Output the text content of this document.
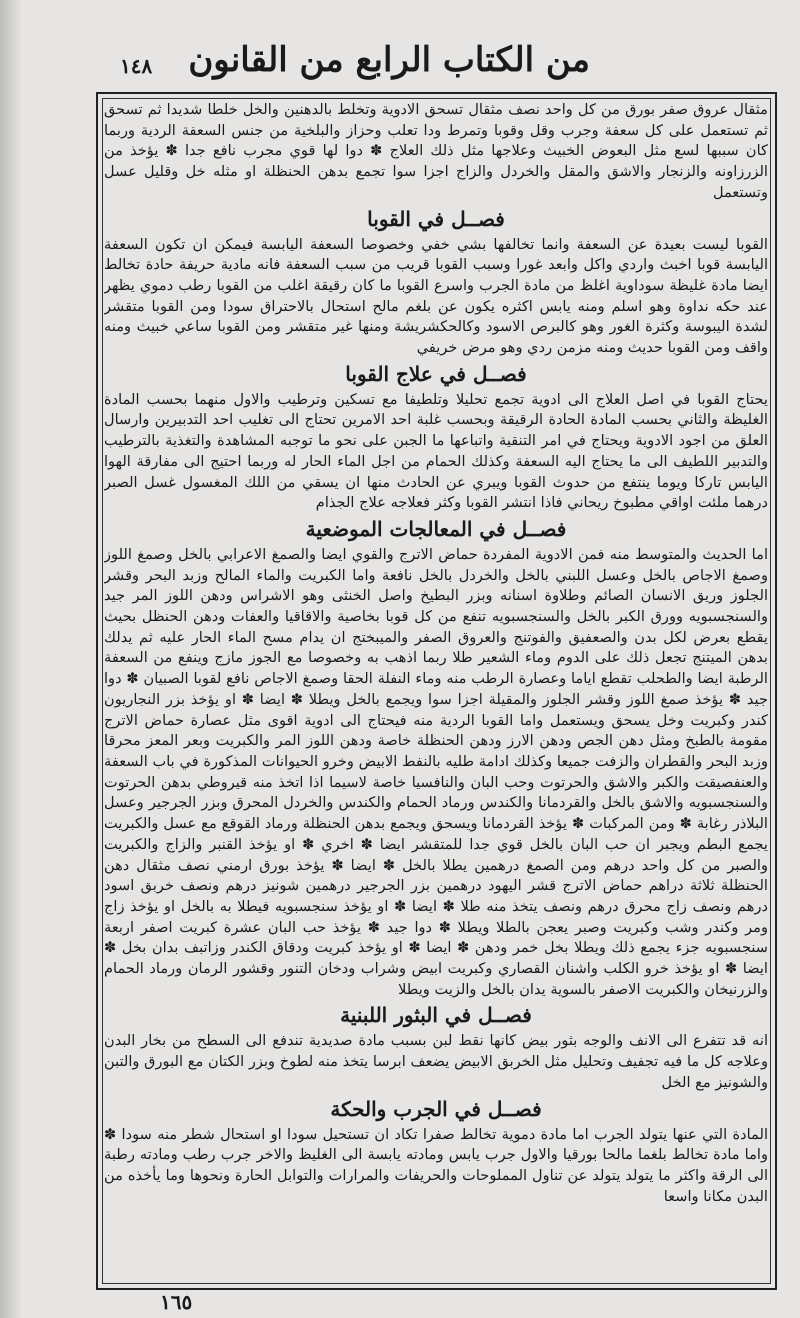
من الكتاب الرابع من القانون
١٤٨

مثقال عروق صفر بورق من كل واحد نصف مثقال تسحق الادوية وتخلط بالدهنين والخل خلطا شديدا ثم تسحق ثم تستعمل على كل سعفة وجرب وقل وقوبا وتمرط ودا تعلب وحزاز والبلخية من جنس السعفة الردية وربما كان سببها لسع مثل البعوض الخبيث وعلاجها مثل ذلك العلاج ✽ دوا لها قوي مجرب نافع جدا ✽ يؤخذ من الزرزاونه والزنجار والاشق والمقل والخردل والزاج اجزا سوا تجمع بدهن الحنظلة او مثله خل وقليل عسل وتستعمل

فصــل في القوبا

القوبا ليست بعيدة عن السعفة وانما تخالفها بشي خفي وخصوصا السعفة اليابسة فيمكن ان تكون السعفة اليابسة قوبا اخبث واردي واكل وابعد غورا وسبب القوبا قريب من سبب السعفة فانه مادية حريفة حادة تخالط ايضا مادة غليظة سوداوية اغلظ من مادة الجرب واسرع القوبا ما كان رقيقة اغلب من القوبا رطب دموي يظهر عند حكه نداوة وهو اسلم ومنه يابس اكثره يكون عن بلغم مالح استحال بالاحتراق سودا ومن القوبا متقشر لشدة اليبوسة وكثرة الغور وهو كالبرص الاسود وكالحكشريشة ومنها غير متقشر ومن القوبا ساعي خبيث ومنه واقف ومن القوبا حديث ومنه مزمن ردي وهو مرض خريفي

فصــل في علاج القوبا

يحتاج القوبا في اصل العلاج الى ادوية تجمع تحليلا وتلطيفا مع تسكين وترطيب والاول منهما بحسب المادة الغليظة والثاني بحسب المادة الحادة الرقيقة وبحسب غلبة احد الامرين تحتاج الى تغليب احد التدبيرين وارسال العلق من اجود الادوية ويحتاج في امر التنقية واتباعها ما الجبن على نحو ما توجبه المشاهدة والتغذية بالترطيب والتدبير اللطيف الى ما يحتاج اليه السعفة وكذلك الحمام من اجل الماء الحار له وربما احتيج الى مفارقة الهوا اليابس تاركا ويوما ينتفع من حدوث القوبا ويبري عن الحادث منها ان يسقي من اللك المغسول غسل الصبر درهما ملئت اواقي مطبوخ ريحاني فاذا انتشر القوبا وكثر فعلاجه علاج الجذام

فصــل في المعالجات الموضعية

اما الحديث والمتوسط منه فمن الادوية المفردة حماض الاترج والقوي ايضا والصمغ الاعرابي بالخل وصمغ اللوز وصمغ الاجاص بالخل وعسل اللبني بالخل والخردل بالخل نافعة واما الكبريت والماء المالح وزبد البحر وقشر الجلوز وريق الانسان الصائم وطلاوة اسنانه وبزر البطيخ واصل الخنثى وهو الاشراس ودهن اللوز المر جيد والسنجسبويه وورق الكبر بالخل والسنجسبويه تنفع من كل قوبا بخاصية والاقاقيا والعفات ودهن الحنظل بحيث يقطع بعرض لكل بدن والصعفيق والفوتنج والعروق الصفر والميبختج ان يدام مسح الماء الحار عليه ثم يدلك بدهن الميتنج تجعل ذلك على الدوم وماء الشعير طلا ربما اذهب به وخصوصا مع الجوز مازج وينفع من السعفة الرطبة ايضا والطحلب تقطع اياما وعصارة الرطب منه وماء النفلة الحقا وصمغ الاجاص نافع لقوبا الصبيان ✽ دوا جيد ✽ يؤخذ صمغ اللوز وقشر الجلوز والمقيلة اجزا سوا ويجمع بالخل ويطلا ✽ ايضا ✽ او يؤخذ بزر النجاريون كندر وكبريت وخل يسحق ويستعمل واما القوبا الردية منه فيحتاج الى ادوية اقوى مثل عصارة حماض الاترج مقومة بالطبخ ومثل دهن الجص ودهن الارز ودهن الحنظلة خاصة ودهن اللوز المر والكبريت وبعر المعز محرقا وزبد البحر والقطران والزفت جميعا وكذلك ادامة طليه بالنفط الابيض وخرو الحيوانات المذكورة في باب السعفة والعنفصيقت والكبر والاشق والحرتوت وحب البان والنافسيا خاصة لاسيما اذا اتخذ منه قيروطي بدهن الحرتوت والسنجسبويه والاشق بالخل والقردمانا والكندس ورماد الحمام والكندس والخردل المحرق وبزر الجرجير وعسل البلاذر رغابة ✽ ومن المركبات ✽ يؤخذ القردمانا ويسحق ويجمع بدهن الحنظلة ورماد القوقع مع عسل والكبريت يجمع البطم ويجبر ان حب البان بالخل قوي جدا للمتقشر ايضا ✽ اخري ✽ او يؤخذ القنبر والزاج والكبريت والصبر من كل واحد درهم ومن الصمغ درهمين يطلا بالخل ✽ ايضا ✽ يؤخذ بورق ارمني نصف مثقال دهن الحنظلة ثلاثة دراهم حماض الاترج قشر اليهود درهمين بزر الجرجير درهمين شونيز درهم ونصف خربق اسود درهم ونصف زاج محرق درهم ونصف يتخذ منه طلا ✽ ايضا ✽ او يؤخذ سنجسبويه فيطلا به بالخل او يؤخذ زاج ومر وكندر وشب وكبريت وصبر يعجن بالطلا ويطلا ✽ دوا جيد ✽ يؤخذ حب البان عشرة كبريت اصفر اربعة سنجسبويه جزء يجمع ذلك ويطلا بخل خمر ودهن ✽ ايضا ✽ او يؤخذ كبريت ودقاق الكندر وزاتبف بدان بخل ✽ ايضا ✽ او يؤخذ خرو الكلب واشنان القصاري وكبريت ابيض وشراب ودخان التنور وقشور الرمان ورماد الحمام والزرنيخان والكبريت الاصفر بالسوية يدان بالخل والزيت ويطلا

فصــل في البثور اللبنية

انه قد تتفرع الى الانف والوجه بثور بيض كانها نقط لبن بسبب مادة صديدية تندفع الى السطح من بخار البدن وعلاجه كل ما فيه تجفيف وتحليل مثل الخربق الابيض يضعف ابرسا يتخذ منه لطوخ وبزر الكتان مع البورق والتبن والشونيز مع الخل

فصــل في الجرب والحكة

المادة التي عنها يتولد الجرب اما مادة دموية تخالط صفرا تكاد ان تستحيل سودا او استحال شطر منه سودا ✽ واما مادة تخالط بلغما مالحا بورقيا والاول جرب يابس ومادته يابسة الى الغليظ والاخر جرب رطب ومادته رطبة الى الرقة واكثر ما يتولد يتولد عن تناول المملوحات والحريفات والمرارات والتوابل الحارة ونحوها وما يأخذه من البدن مكانا واسعا

١٦٥
